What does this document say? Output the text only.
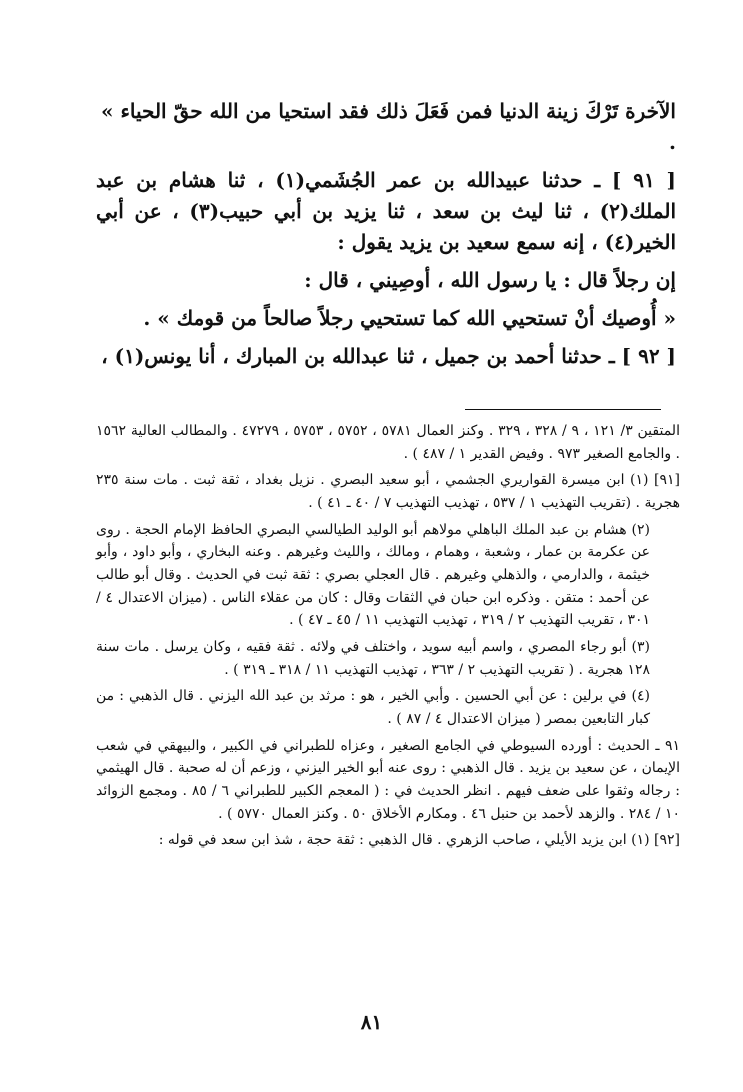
الآخرة تَرْكَ زينة الدنيا فمن فَعَلَ ذلك فقد استحيا من الله حقّ الحياء » .

[ ٩١ ] ـ حدثنا عبيدالله بن عمر الجُشَمي(١) ، ثنا هشام بن عبد الملك(٢) ، ثنا ليث بن سعد ، ثنا يزيد بن أبي حبيب(٣) ، عن أبي الخير(٤) ، إنه سمع سعيد بن يزيد يقول :

إن رجلاً قال : يا رسول الله ، أوصِيني ، قال :

« أُوصيك أنْ تستحيي الله كما تستحيي رجلاً صالحاً من قومك » .

[ ٩٢ ] ـ حدثنا أحمد بن جميل ، ثنا عبدالله بن المبارك ، أنا يونس(١) ،

المتقين ٣/ ١٢١ ، ٩ / ٣٢٨ ، ٣٢٩ . وكنز العمال ٥٧٨١ ، ٥٧٥٢ ، ٥٧٥٣ ، ٤٧٢٧٩ . والمطالب العالية ١٥٦٢ . والجامع الصغير ٩٧٣ . وفيض القدير ١ / ٤٨٧ ) .

[٩١] (١) ابن ميسرة القواريري الجشمي ، أبو سعيد البصري . نزيل بغداد ، ثقة ثبت . مات سنة ٢٣٥ هجرية . (تقريب التهذيب ١ / ٥٣٧ ، تهذيب التهذيب ٧ / ٤٠ ـ ٤١ ) .

(٢) هشام بن عبد الملك الباهلي مولاهم أبو الوليد الطيالسي البصري الحافظ الإمام الحجة . روى عن عكرمة بن عمار ، وشعبة ، وهمام ، ومالك ، والليث وغيرهم . وعنه البخاري ، وأبو داود ، وأبو خيثمة ، والدارمي ، والذهلي وغيرهم . قال العجلي بصري : ثقة ثبت في الحديث . وقال أبو طالب عن أحمد : متقن . وذكره ابن حبان في الثقات وقال : كان من عقلاء الناس . (ميزان الاعتدال ٤ / ٣٠١ ، تقريب التهذيب ٢ / ٣١٩ ، تهذيب التهذيب ١١ / ٤٥ ـ ٤٧ ) .

(٣) أبو رجاء المصري ، واسم أبيه سويد ، واختلف في ولائه . ثقة فقيه ، وكان يرسل . مات سنة ١٢٨ هجرية . ( تقريب التهذيب ٢ / ٣٦٣ ، تهذيب التهذيب ١١ / ٣١٨ ـ ٣١٩ ) .

(٤) في برلين : عن أبي الحسين . وأبي الخير ، هو : مرثد بن عبد الله اليزني . قال الذهبي : من كبار التابعين بمصر ( ميزان الاعتدال ٤ / ٨٧ ) .

٩١ ـ الحديث : أورده السيوطي في الجامع الصغير ، وعزاه للطبراني في الكبير ، والبيهقي في شعب الإيمان ، عن سعيد بن يزيد . قال الذهبي : روى عنه أبو الخير اليزني ، وزعم أن له صحبة . قال الهيثمي : رجاله وثقوا على ضعف فيهم . انظر الحديث في : ( المعجم الكبير للطبراني ٦ / ٨٥ . ومجمع الزوائد ١٠ / ٢٨٤ . والزهد لأحمد بن حنبل ٤٦ . ومكارم الأخلاق ٥٠ . وكنز العمال ٥٧٧٠ ) .

[٩٢] (١) ابن يزيد الأيلي ، صاحب الزهري . قال الذهبي : ثقة حجة ، شذ ابن سعد في قوله :

٨١
